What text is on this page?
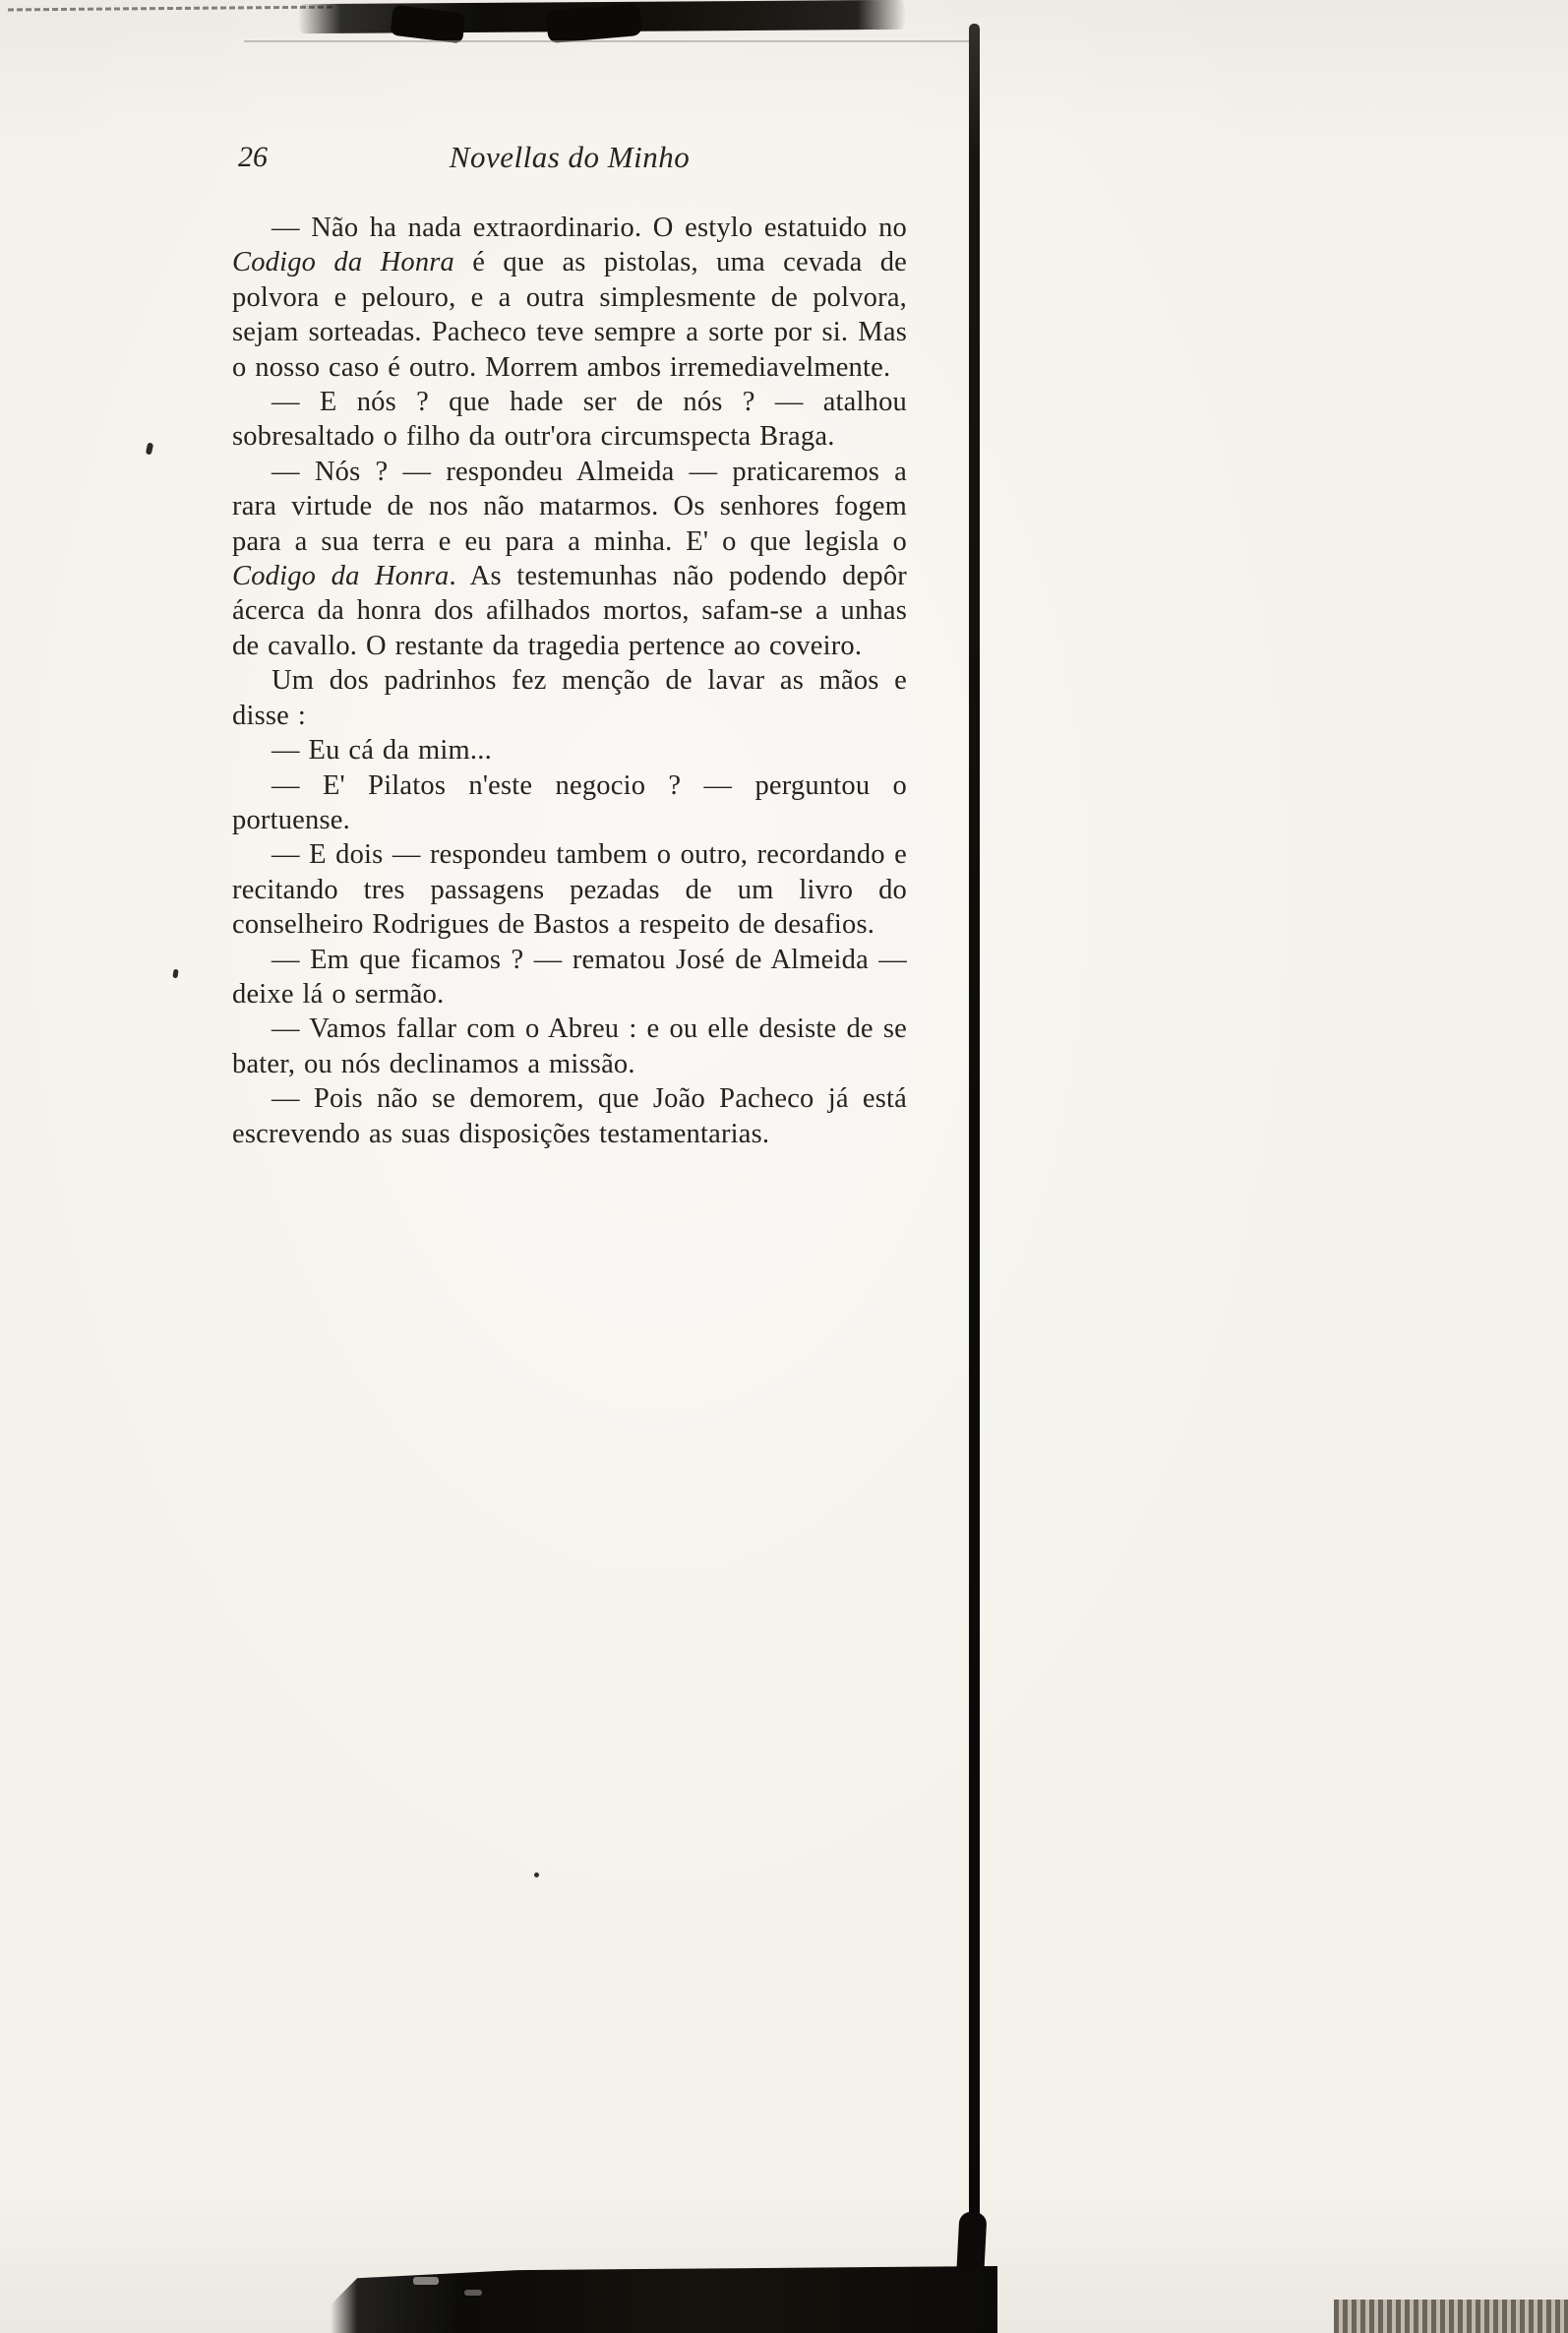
26	Novellas do Minho

— Não ha nada extraordinario. O estylo estatuido no Codigo da Honra é que as pistolas, uma cevada de polvora e pelouro, e a outra simplesmente de polvora, sejam sorteadas. Pacheco teve sempre a sorte por si. Mas o nosso caso é outro. Morrem ambos irremediavelmente.

— E nós ? que hade ser de nós ? — atalhou sobresaltado o filho da outr'ora circumspecta Braga.

— Nós ? — respondeu Almeida — praticaremos a rara virtude de nos não matarmos. Os senhores fogem para a sua terra e eu para a minha. E' o que legisla o Codigo da Honra. As testemunhas não podendo depôr ácerca da honra dos afilhados mortos, safam-se a unhas de cavallo. O restante da tragedia pertence ao coveiro.

Um dos padrinhos fez menção de lavar as mãos e disse :

— Eu cá da mim...

— E' Pilatos n'este negocio ? — perguntou o portuense.

— E dois — respondeu tambem o outro, recordando e recitando tres passagens pezadas de um livro do conselheiro Rodrigues de Bastos a respeito de desafios.

— Em que ficamos ? — rematou José de Almeida — deixe lá o sermão.

— Vamos fallar com o Abreu : e ou elle desiste de se bater, ou nós declinamos a missão.

— Pois não se demorem, que João Pacheco já está escrevendo as suas disposições testamentarias.
